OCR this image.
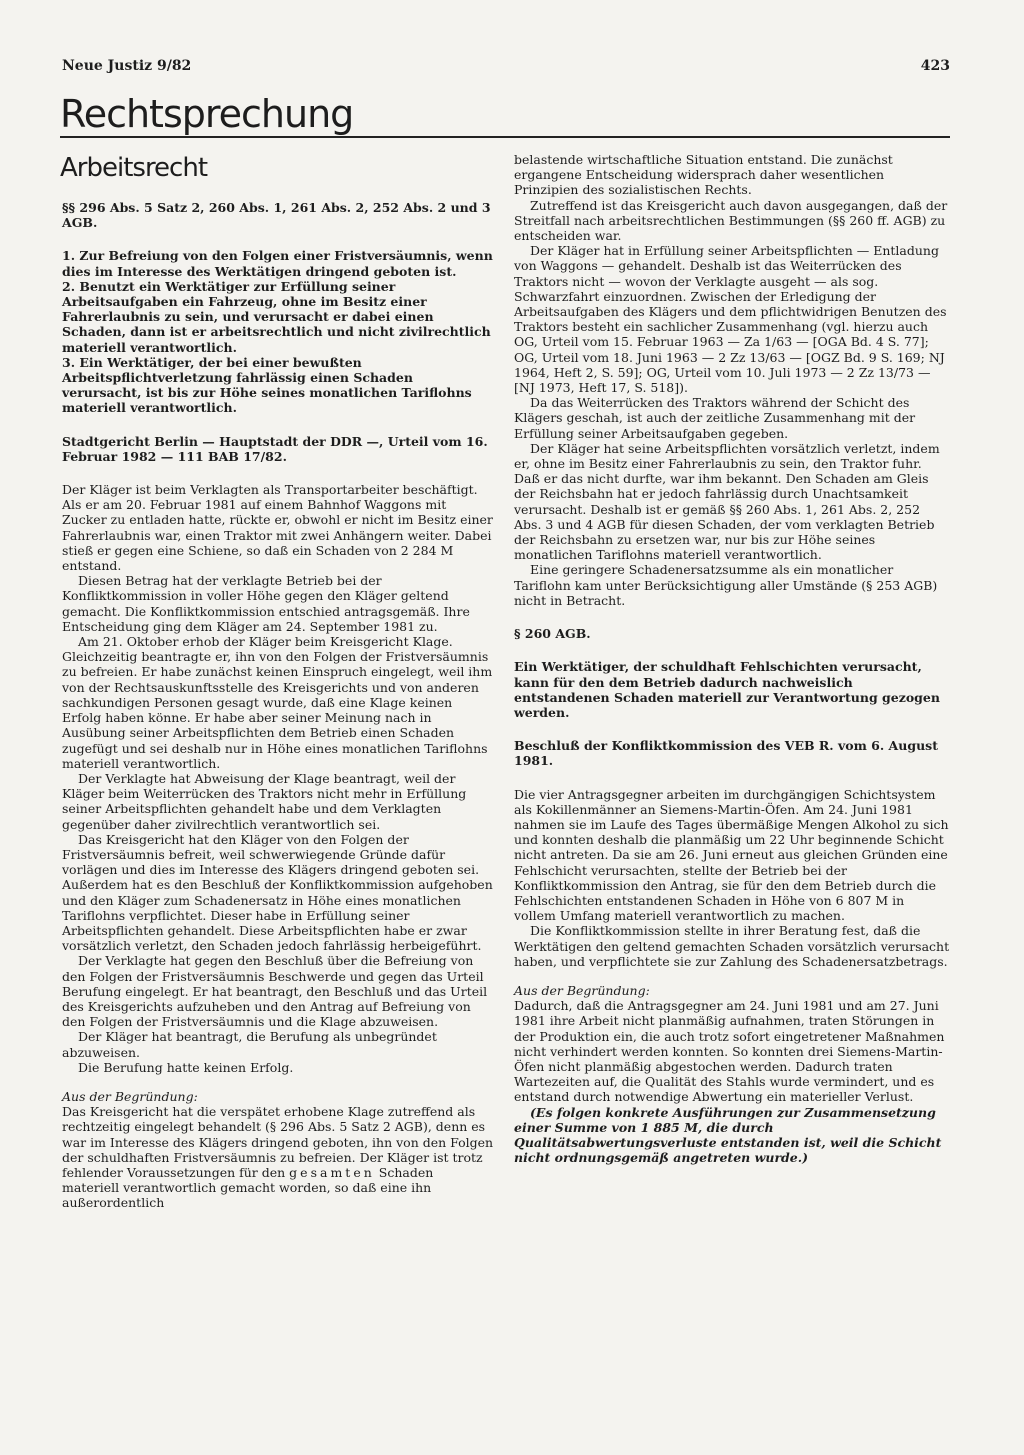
Neue Justiz 9/82	423
Rechtsprechung
Arbeitsrecht

§§ 296 Abs. 5 Satz 2, 260 Abs. 1, 261 Abs. 2, 252 Abs. 2 und 3 AGB.

1. Zur Befreiung von den Folgen einer Fristversäumnis, wenn dies im Interesse des Werktätigen dringend geboten ist.

2. Benutzt ein Werktätiger zur Erfüllung seiner Arbeitsaufgaben ein Fahrzeug, ohne im Besitz einer Fahrerlaubnis zu sein, und verursacht er dabei einen Schaden, dann ist er arbeitsrechtlich und nicht zivilrechtlich materiell verantwortlich.

3. Ein Werktätiger, der bei einer bewußten Arbeitspflichtverletzung fahrlässig einen Schaden verursacht, ist bis zur Höhe seines monatlichen Tariflohns materiell verantwortlich.

Stadtgericht Berlin — Hauptstadt der DDR —, Urteil vom 16. Februar 1982 — 111 BAB 17/82.

Der Kläger ist beim Verklagten als Transportarbeiter beschäftigt. Als er am 20. Februar 1981 auf einem Bahnhof Waggons mit Zucker zu entladen hatte, rückte er, obwohl er nicht im Besitz einer Fahrerlaubnis war, einen Traktor mit zwei Anhängern weiter. Dabei stieß er gegen eine Schiene, so daß ein Schaden von 2 284 M entstand.

Diesen Betrag hat der verklagte Betrieb bei der Konfliktkommission in voller Höhe gegen den Kläger geltend gemacht. Die Konfliktkommission entschied antragsgemäß. Ihre Entscheidung ging dem Kläger am 24. September 1981 zu.

Am 21. Oktober erhob der Kläger beim Kreisgericht Klage. Gleichzeitig beantragte er, ihn von den Folgen der Fristversäumnis zu befreien. Er habe zunächst keinen Einspruch eingelegt, weil ihm von der Rechtsauskunftsstelle des Kreisgerichts und von anderen sachkundigen Personen gesagt wurde, daß eine Klage keinen Erfolg haben könne. Er habe aber seiner Meinung nach in Ausübung seiner Arbeitspflichten dem Betrieb einen Schaden zugefügt und sei deshalb nur in Höhe eines monatlichen Tariflohns materiell verantwortlich.

Der Verklagte hat Abweisung der Klage beantragt, weil der Kläger beim Weiterrücken des Traktors nicht mehr in Erfüllung seiner Arbeitspflichten gehandelt habe und dem Verklagten gegenüber daher zivilrechtlich verantwortlich sei.

Das Kreisgericht hat den Kläger von den Folgen der Fristversäumnis befreit, weil schwerwiegende Gründe dafür vorlägen und dies im Interesse des Klägers dringend geboten sei. Außerdem hat es den Beschluß der Konfliktkommission aufgehoben und den Kläger zum Schadenersatz in Höhe eines monatlichen Tariflohns verpflichtet. Dieser habe in Erfüllung seiner Arbeitspflichten gehandelt. Diese Arbeitspflichten habe er zwar vorsätzlich verletzt, den Schaden jedoch fahrlässig herbeigeführt.

Der Verklagte hat gegen den Beschluß über die Befreiung von den Folgen der Fristversäumnis Beschwerde und gegen das Urteil Berufung eingelegt. Er hat beantragt, den Beschluß und das Urteil des Kreisgerichts aufzuheben und den Antrag auf Befreiung von den Folgen der Fristversäumnis und die Klage abzuweisen.

Der Kläger hat beantragt, die Berufung als unbegründet abzuweisen.

Die Berufung hatte keinen Erfolg.

Aus der Begründung:

Das Kreisgericht hat die verspätet erhobene Klage zutreffend als rechtzeitig eingelegt behandelt (§ 296 Abs. 5 Satz 2 AGB), denn es war im Interesse des Klägers dringend geboten, ihn von den Folgen der schuldhaften Fristversäumnis zu befreien. Der Kläger ist trotz fehlender Voraussetzungen für den gesamten Schaden materiell verantwortlich gemacht worden, so daß eine ihn außerordentlich

belastende wirtschaftliche Situation entstand. Die zunächst ergangene Entscheidung widersprach daher wesentlichen Prinzipien des sozialistischen Rechts.

Zutreffend ist das Kreisgericht auch davon ausgegangen, daß der Streitfall nach arbeitsrechtlichen Bestimmungen (§§ 260 ff. AGB) zu entscheiden war.

Der Kläger hat in Erfüllung seiner Arbeitspflichten — Entladung von Waggons — gehandelt. Deshalb ist das Weiterrücken des Traktors nicht — wovon der Verklagte ausgeht — als sog. Schwarzfahrt einzuordnen. Zwischen der Erledigung der Arbeitsaufgaben des Klägers und dem pflichtwidrigen Benutzen des Traktors besteht ein sachlicher Zusammenhang (vgl. hierzu auch OG, Urteil vom 15. Februar 1963 — Za 1/63 — [OGA Bd. 4 S. 77]; OG, Urteil vom 18. Juni 1963 — 2 Zz 13/63 — [OGZ Bd. 9 S. 169; NJ 1964, Heft 2, S. 59]; OG, Urteil vom 10. Juli 1973 — 2 Zz 13/73 — [NJ 1973, Heft 17, S. 518]).

Da das Weiterrücken des Traktors während der Schicht des Klägers geschah, ist auch der zeitliche Zusammenhang mit der Erfüllung seiner Arbeitsaufgaben gegeben.

Der Kläger hat seine Arbeitspflichten vorsätzlich verletzt, indem er, ohne im Besitz einer Fahrerlaubnis zu sein, den Traktor fuhr. Daß er das nicht durfte, war ihm bekannt. Den Schaden am Gleis der Reichsbahn hat er jedoch fahrlässig durch Unachtsamkeit verursacht. Deshalb ist er gemäß §§ 260 Abs. 1, 261 Abs. 2, 252 Abs. 3 und 4 AGB für diesen Schaden, der vom verklagten Betrieb der Reichsbahn zu ersetzen war, nur bis zur Höhe seines monatlichen Tariflohns materiell verantwortlich.

Eine geringere Schadenersatzsumme als ein monatlicher Tariflohn kam unter Berücksichtigung aller Umstände (§ 253 AGB) nicht in Betracht.

§ 260 AGB.

Ein Werktätiger, der schuldhaft Fehlschichten verursacht, kann für den dem Betrieb dadurch nachweislich entstandenen Schaden materiell zur Verantwortung gezogen werden.

Beschluß der Konfliktkommission des VEB R. vom 6. August 1981.

Die vier Antragsgegner arbeiten im durchgängigen Schichtsystem als Kokillenmänner an Siemens-Martin-Öfen. Am 24. Juni 1981 nahmen sie im Laufe des Tages übermäßige Mengen Alkohol zu sich und konnten deshalb die planmäßig um 22 Uhr beginnende Schicht nicht antreten. Da sie am 26. Juni erneut aus gleichen Gründen eine Fehlschicht verursachten, stellte der Betrieb bei der Konfliktkommission den Antrag, sie für den dem Betrieb durch die Fehlschichten entstandenen Schaden in Höhe von 6 807 M in vollem Umfang materiell verantwortlich zu machen.

Die Konfliktkommission stellte in ihrer Beratung fest, daß die Werktätigen den geltend gemachten Schaden vorsätzlich verursacht haben, und verpflichtete sie zur Zahlung des Schadenersatzbetrags.

Aus der Begründung:

Dadurch, daß die Antragsgegner am 24. Juni 1981 und am 27. Juni 1981 ihre Arbeit nicht planmäßig aufnahmen, traten Störungen in der Produktion ein, die auch trotz sofort eingetretener Maßnahmen nicht verhindert werden konnten. So konnten drei Siemens-Martin-Öfen nicht planmäßig abgestochen werden. Dadurch traten Wartezeiten auf, die Qualität des Stahls wurde vermindert, und es entstand durch notwendige Abwertung ein materieller Verlust.

(Es folgen konkrete Ausführungen zur Zusammensetzung einer Summe von 1 885 M, die durch Qualitätsabwertungsverluste entstanden ist, weil die Schicht nicht ordnungsgemäß angetreten wurde.)
